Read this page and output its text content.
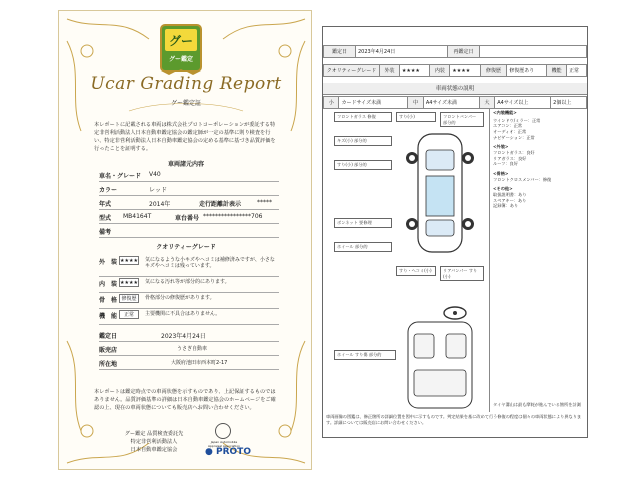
グー
グー鑑定
Ucar Grading Report
グー鑑定証
本レポートに記載される車両は株式会社プロトコーポレーションが委託する特定非営利活動法人日本自動車鑑定協会の鑑定師が一定の基準に則り検査を行い、特定非営利活動法人日本自動車鑑定協会の定める基準に基づき品質評価を行ったことを証明する。
車両諸元内容
車名・グレード V40
カラー	レッド
年式	2014年	走行距離計表示	*****
型式 MB4164T	車台番号 ****************706
備考
クオリティーグレード
外　装 ★★★★ 気になるような小キズやヘコミは補修済みですが、小さなキズやヘコミは残っています。
内　装 ★★★★ 気になる汚れ等が部分的にあります。
骨　格 修復歴	骨格部分の修復歴があります。
機　能	正常	主要機関に不具合はありません。
鑑定日	2023年4月24日
販売店	うさぎ自動車
所在地	大阪府池田市西本町2-17
本レポートは鑑定時点での車両状態を示すものであり、上記保証するものではありません。品質評価基準の詳細は日本自動車鑑定協会のホームページをご確認の上、現在の車両状態についても販売店へお問い合わせください。
グー鑑定 品質検査委託先
特定非営利活動法人
日本自動車鑑定協会
Japan Automobile Appraisal Association
● PROTO
鑑定日	2023年4月24日	再鑑定日	
クオリティーグレード	外装	★★★★	内装	★★★★	修復歴	修復歴あり	機能	正常
車両状態の説明
小	カードサイズ未満	中	A4サイズ未満	大	A4サイズ以上	2個以上
フロントガラス 修復
キズ(小) 部分的
すり(小) 部分的
ボンネット 要修理
ホイール 部分的
すり(小)	フロントバンパー 部分的
すり・ヘコミ(小)	リアバンパー すり(小)
ホイール すり傷 部分的
<内装機能>
ウインドウ/ミラー：正常
エアコン：正常
オーディオ：正常
ナビゲーション：正常
<外装>
フロントガラス：良好
リアガラス：良好
ルーフ：良好
<骨格>
フロントクロスメンバー：修復
<その他>
取扱説明書：あり
スペアキー：あり
記録簿：あり
タイヤ溝山は最も摩耗が進んでいる箇所を計測
車両画像の図鑑は、修正箇所の詳細位置を図中に示すものです。判定結果を基に改めて行う修復の程度は個々の車両状態により異なります。詳細については販売店にお問い合わせください。
